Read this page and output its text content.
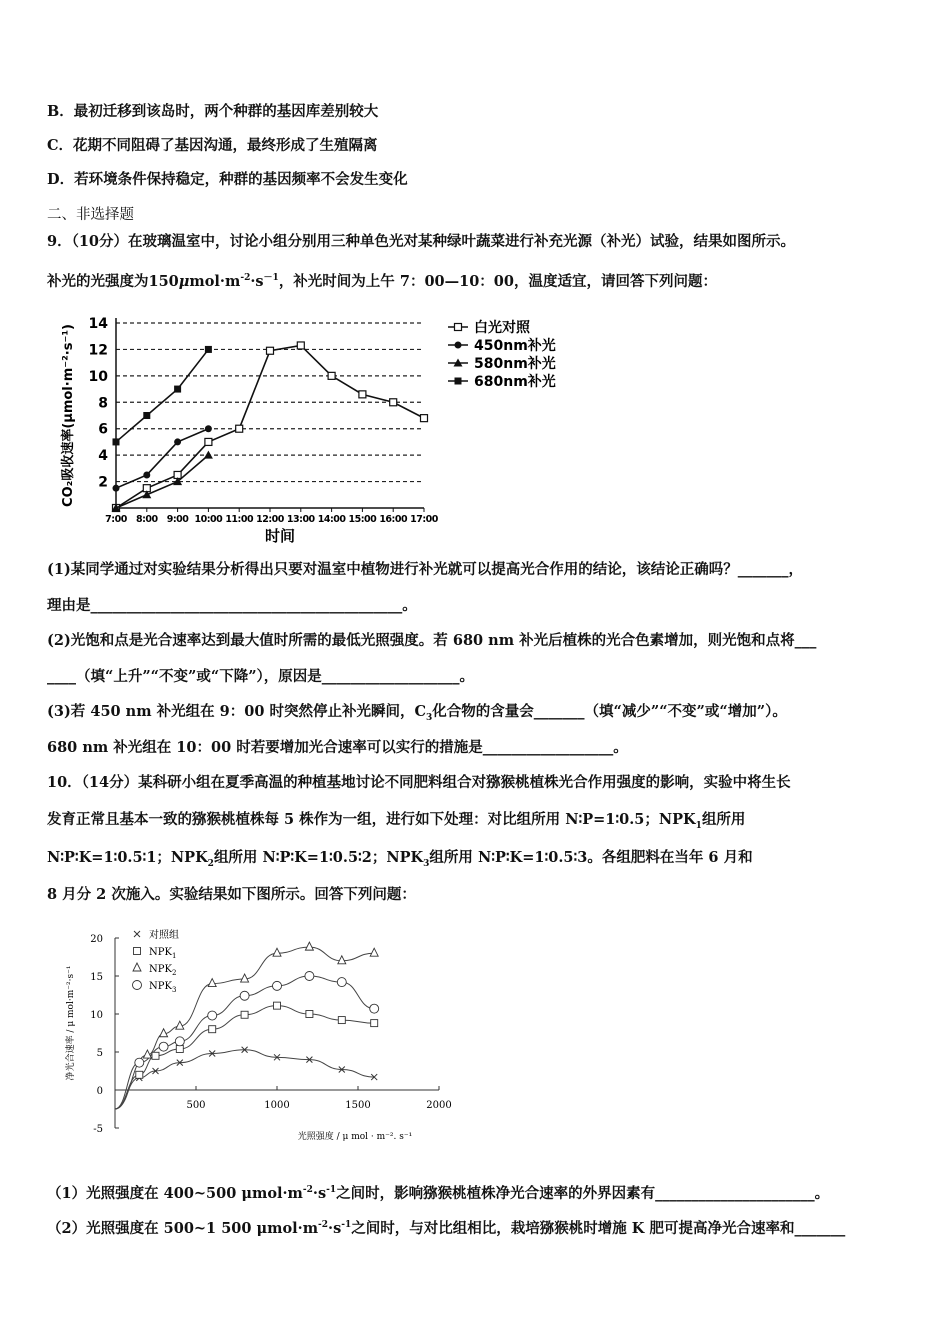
B．最初迁移到该岛时，两个种群的基因库差别较大
C．花期不同阻碍了基因沟通，最终形成了生殖隔离
D．若环境条件保持稳定，种群的基因频率不会发生变化
二、非选择题
9．（10分）在玻璃温室中，讨论小组分别用三种单色光对某种绿叶蔬菜进行补充光源（补光）试验，结果如图所示。
补光的光强度为$150\mu mol\cdot m^{-2}\cdot s^{-1}$，补光时间为上午 7：00—10：00，温度适宜，请回答下列问题：
2
4
6
8
10
12
14
7:00 8:00 9:00 10:00 11:00 12:00 13:00 14:00 15:00 16:00 17:00
时间
CO₂吸收速率(μmol·m⁻²·s⁻¹)	白光对照
450nm补光
580nm补光
680nm补光
(1)某同学通过对实验结果分析得出只要对温室中植物进行补光就可以提高光合作用的结论，该结论正确吗？_______，
理由是___________________________________________。
(2)光饱和点是光合速率达到最大值时所需的最低光照强度。若 680 nm 补光后植株的光合色素增加，则光饱和点将___
____（填“上升”“不变”或“下降”），原因是___________________。
(3)若 450 nm 补光组在 9：00 时突然停止补光瞬间，$C_3$化合物的含量会_______（填“减少”“不变”或“增加”）。
680 nm 补光组在 10：00 时若要增加光合速率可以实行的措施是__________________。
10．（14分）某科研小组在夏季高温的种植基地讨论不同肥料组合对猕猴桃植株光合作用强度的影响，实验中将生长
发育正常且基本一致的猕猴桃植株每 5 株作为一组，进行如下处理：对比组所用 N∶P=1∶0.5；$NPK_1$组所用
N∶P∶K=1∶0.5∶1；$NPK_2$组所用 N∶P∶K=1∶0.5∶2；$NPK_3$组所用 N∶P∶K=1∶0.5∶3。各组肥料在当年 6 月和
8 月分 2 次施入。实验结果如下图所示。回答下列问题：
-5
0
5
10
15
20
500	1000	1500	2000
光照强度 / μ mol · m⁻². s⁻¹
净光合速率 / μ mol·m⁻²·s⁻¹
对照组
$NPK_1$
$NPK_2$
$NPK_3$
（1）光照强度在 400~500 $\mu mol\cdot m^{-2}\cdot s^{-1}$之间时，影响猕猴桃植株净光合速率的外界因素有______________________。
（2）光照强度在 500~1 500 $\mu mol\cdot m^{-2}\cdot s^{-1}$之间时，与对比组相比，栽培猕猴桃时增施 K 肥可提高净光合速率和_______
